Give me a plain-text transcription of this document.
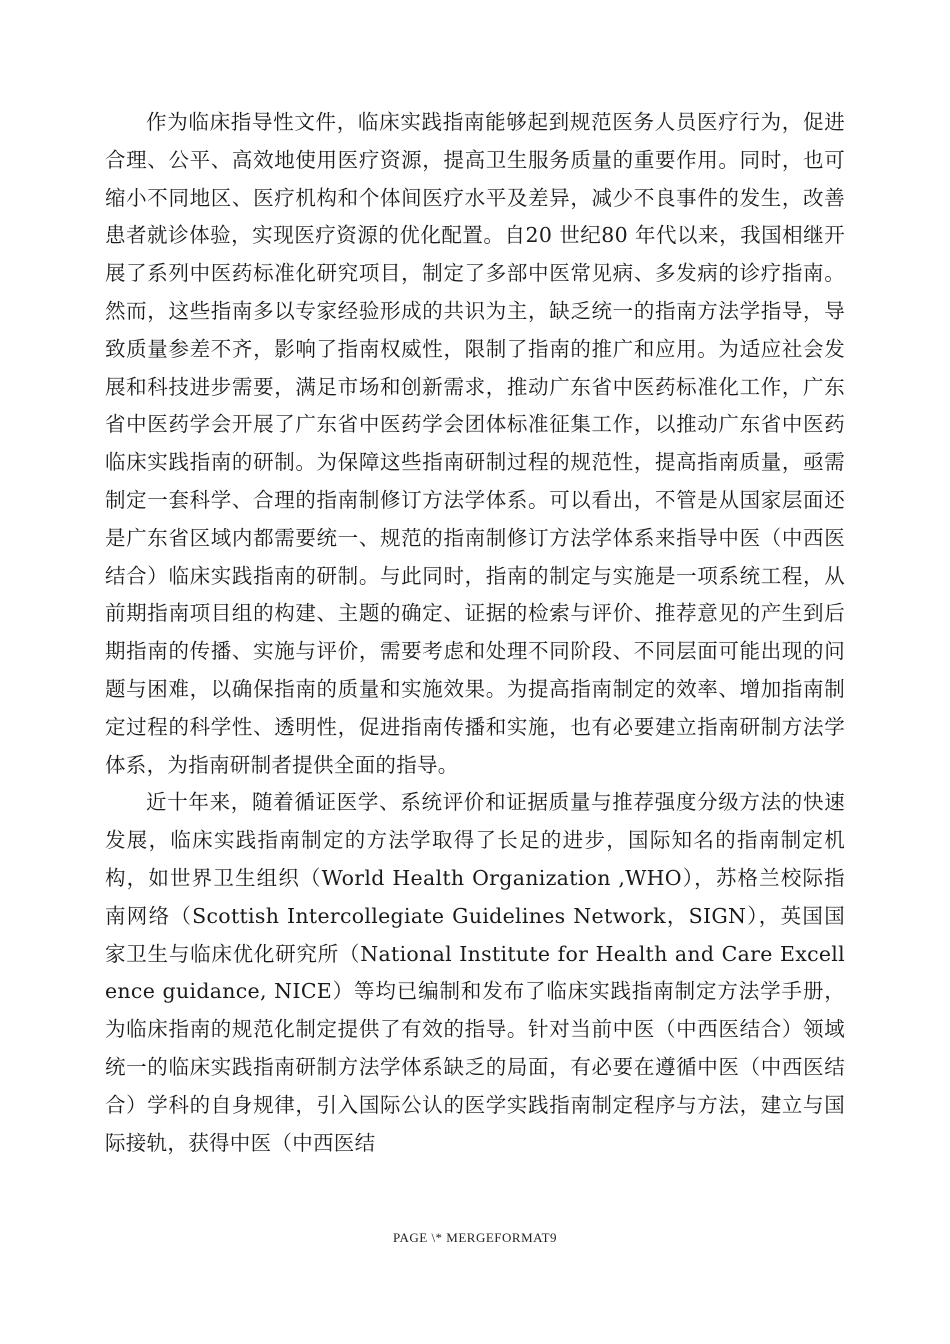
作为临床指导性文件，临床实践指南能够起到规范医务人员医疗行为，促进合理、公平、高效地使用医疗资源，提高卫生服务质量的重要作用。同时，也可缩小不同地区、医疗机构和个体间医疗水平及差异，减少不良事件的发生，改善患者就诊体验，实现医疗资源的优化配置。自20 世纪80 年代以来，我国相继开展了系列中医药标准化研究项目，制定了多部中医常见病、多发病的诊疗指南。然而，这些指南多以专家经验形成的共识为主，缺乏统一的指南方法学指导，导致质量参差不齐，影响了指南权威性，限制了指南的推广和应用。为适应社会发展和科技进步需要，满足市场和创新需求，推动广东省中医药标准化工作，广东省中医药学会开展了广东省中医药学会团体标准征集工作，以推动广东省中医药临床实践指南的研制。为保障这些指南研制过程的规范性，提高指南质量，亟需制定一套科学、合理的指南制修订方法学体系。可以看出，不管是从国家层面还是广东省区域内都需要统一、规范的指南制修订方法学体系来指导中医（中西医结合）临床实践指南的研制。与此同时，指南的制定与实施是一项系统工程，从前期指南项目组的构建、主题的确定、证据的检索与评价、推荐意见的产生到后期指南的传播、实施与评价，需要考虑和处理不同阶段、不同层面可能出现的问题与困难，以确保指南的质量和实施效果。为提高指南制定的效率、增加指南制定过程的科学性、透明性，促进指南传播和实施，也有必要建立指南研制方法学体系，为指南研制者提供全面的指导。

近十年来，随着循证医学、系统评价和证据质量与推荐强度分级方法的快速发展，临床实践指南制定的方法学取得了长足的进步，国际知名的指南制定机构，如世界卫生组织（World Health Organization ,WHO），苏格兰校际指南网络（Scottish Intercollegiate Guidelines Network，SIGN），英国国家卫生与临床优化研究所（National Institute for Health and Care Excellence guidance, NICE）等均已编制和发布了临床实践指南制定方法学手册，为临床指南的规范化制定提供了有效的指导。针对当前中医（中西医结合）领域统一的临床实践指南研制方法学体系缺乏的局面，有必要在遵循中医（中西医结合）学科的自身规律，引入国际公认的医学实践指南制定程序与方法，建立与国际接轨，获得中医（中西医结

PAGE \* MERGEFORMAT9
